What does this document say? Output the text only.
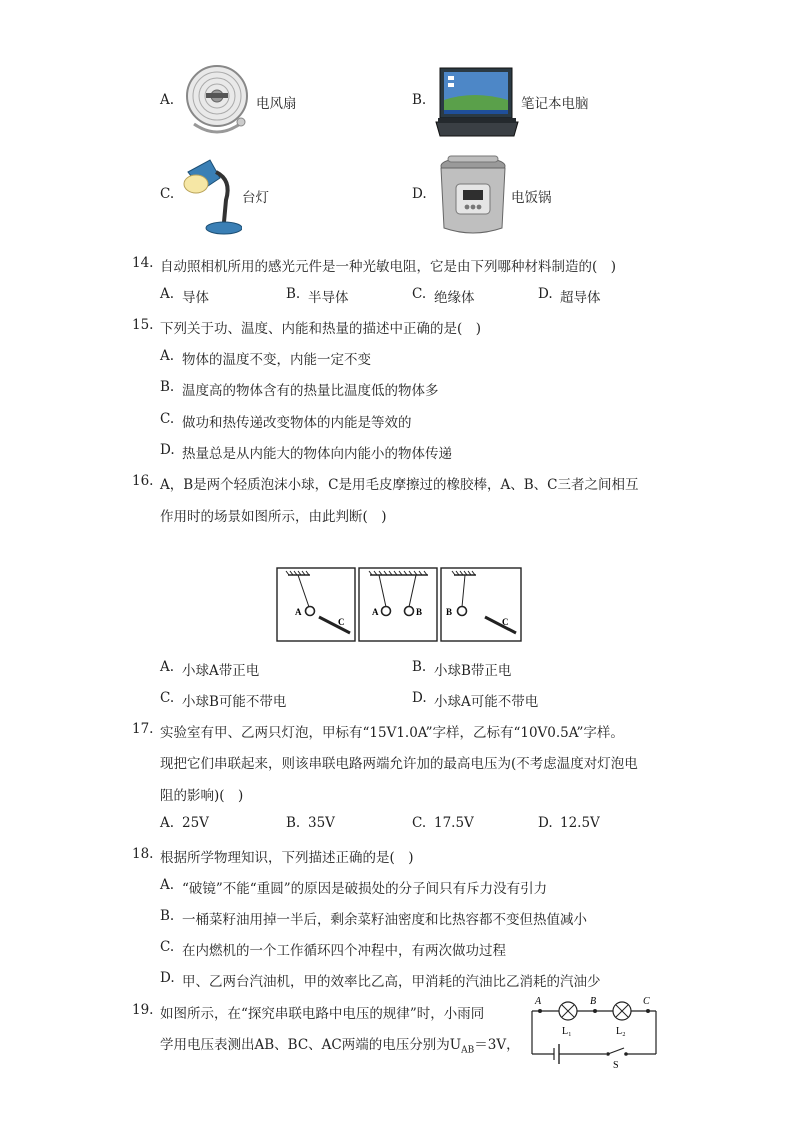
A.	电风扇	B.	笔记本电脑
C.	台灯	D.	电饭锅
14. 自动照相机所用的感光元件是一种光敏电阻，它是由下列哪种材料制造的(　)
A. 导体	B. 半导体	C. 绝缘体	D. 超导体
15. 下列关于功、温度、内能和热量的描述中正确的是(　)
A. 物体的温度不变，内能一定不变
B. 温度高的物体含有的热量比温度低的物体多
C. 做功和热传递改变物体的内能是等效的
D. 热量总是从内能大的物体向内能小的物体传递
16. A，B是两个轻质泡沫小球，C是用毛皮摩擦过的橡胶棒，A、B、C三者之间相互
作用时的场景如图所示，由此判断(　)
A
C
A	B	B
C
A. 小球A带正电	B. 小球B带正电
C. 小球B可能不带电	D. 小球A可能不带电
17. 实验室有甲、乙两只灯泡，甲标有“15V1.0A”字样，乙标有“10V0.5A”字样。
现把它们串联起来，则该串联电路两端允许加的最高电压为(不考虑温度对灯泡电
阻的影响)(　)
A. 25V	B. 35V	C. 17.5V	D. 12.5V
18. 根据所学物理知识，下列描述正确的是(　)
A. “破镜”不能“重圆”的原因是破损处的分子间只有斥力没有引力
B. 一桶菜籽油用掉一半后，剩余菜籽油密度和比热容都不变但热值减小
C. 在内燃机的一个工作循环四个冲程中，有两次做功过程
D. 甲、乙两台汽油机，甲的效率比乙高，甲消耗的汽油比乙消耗的汽油少
19. 如图所示，在“探究串联电路中电压的规律”时，小雨同
学用电压表测出AB、BC、AC两端的电压分别为$U_{AB}=3V$，
A	B	C
L₁	L₂
S
